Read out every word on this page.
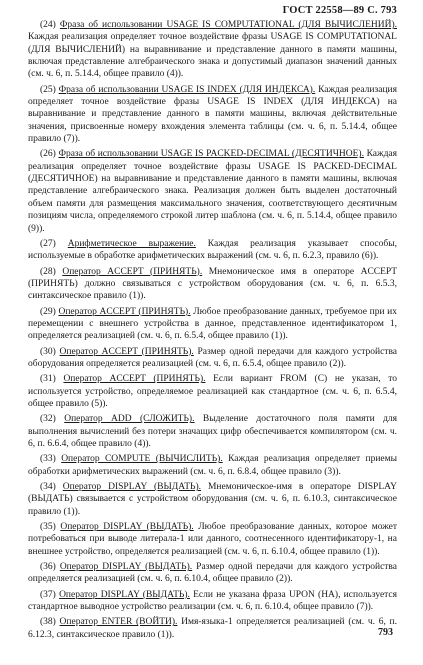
ГОСТ 22558—89 С. 793

(24) Фраза об использовании USAGE IS COMPUTATIONAL (ДЛЯ ВЫЧИСЛЕНИЙ). Каждая реализация определяет точное воздействие фразы USAGE IS COMPUTATIONAL (ДЛЯ ВЫЧИСЛЕНИЙ) на выравнивание и представление данного в памяти машины, включая представление алгебраического знака и допустимый диапазон значений данных (см. ч. 6, п. 5.14.4, общее правило (4)).

(25) Фраза об использовании USAGE IS INDEX (ДЛЯ ИНДЕКСА). Каждая реализация определяет точное воздействие фразы USAGE IS INDEX (ДЛЯ ИНДЕКСА) на выравнивание и представление данного в памяти машины, включая действительные значения, присвоенные номеру вхождения элемента таблицы (см. ч. 6, п. 5.14.4, общее правило (7)).

(26) Фраза об использовании USAGE IS PACKED-DECIMAL (ДЕСЯТИЧНОЕ). Каждая реализация определяет точное воздействие фразы USAGE IS PACKED-DECIMAL (ДЕСЯТИЧНОЕ) на выравнивание и представление данного в памяти машины, включая представление алгебраического знака. Реализация должен быть выделен достаточный объем памяти для размещения максимального значения, соответствующего десятичным позициям числа, определяемого строкой литер шаблона (см. ч. 6, п. 5.14.4, общее правило (9)).

(27) Арифметическое выражение. Каждая реализация указывает способы, используемые в обработке арифметических выражений (см. ч. 6, п. 6.2.3, правило (6)).

(28) Оператор ACCEPT (ПРИНЯТЬ). Мнемоническое имя в операторе ACCEPT (ПРИНЯТЬ) должно связываться с устройством оборудования (см. ч. 6, п. 6.5.3, синтаксическое правило (1)).

(29) Оператор ACCEPT (ПРИНЯТЬ). Любое преобразование данных, требуемое при их перемещении с внешнего устройства в данное, представленное идентификатором 1, определяется реализацией (см. ч. 6, п. 6.5.4, общее правило (1)).

(30) Оператор ACCEPT (ПРИНЯТЬ). Размер одной передачи для каждого устройства оборудования определяется реализацией (см. ч. 6, п. 6.5.4, общее правило (2)).

(31) Оператор ACCEPT (ПРИНЯТЬ). Если вариант FROM (С) не указан, то используется устройство, определяемое реализацией как стандартное (см. ч. 6, п. 6.5.4, общее правило (5)).

(32) Оператор ADD (СЛОЖИТЬ). Выделение достаточного поля памяти для выполнения вычислений без потери значащих цифр обеспечивается компилятором (см. ч. 6, п. 6.6.4, общее правило (4)).

(33) Оператор COMPUTE (ВЫЧИСЛИТЬ). Каждая реализация определяет приемы обработки арифметических выражений (см. ч. 6, п. 6.8.4, общее правило (3)).

(34) Оператор DISPLAY (ВЫДАТЬ). Мнемоническое-имя в операторе DISPLAY (ВЫДАТЬ) связывается с устройством оборудования (см. ч. 6, п. 6.10.3, синтаксическое правило (1)).

(35) Оператор DISPLAY (ВЫДАТЬ). Любое преобразование данных, которое может потребоваться при выводе литерала-1 или данного, соотнесенного идентификатору-1, на внешнее устройство, определяется реализацией (см. ч. 6, п. 6.10.4, общее правило (1)).

(36) Оператор DISPLAY (ВЫДАТЬ). Размер одной передачи для каждого устройства определяется реализацией (см. ч. 6, п. 6.10.4, общее правило (2)).

(37) Оператор DISPLAY (ВЫДАТЬ). Если не указана фраза UPON (НА), используется стандартное выводное устройство реализации (см. ч. 6, п. 6.10.4, общее правило (7)).

(38) Оператор ENTER (ВОЙТИ). Имя-языка-1 определяется реализацией (см. ч. 6, п. 6.12.3, синтаксическое правило (1)).	793
